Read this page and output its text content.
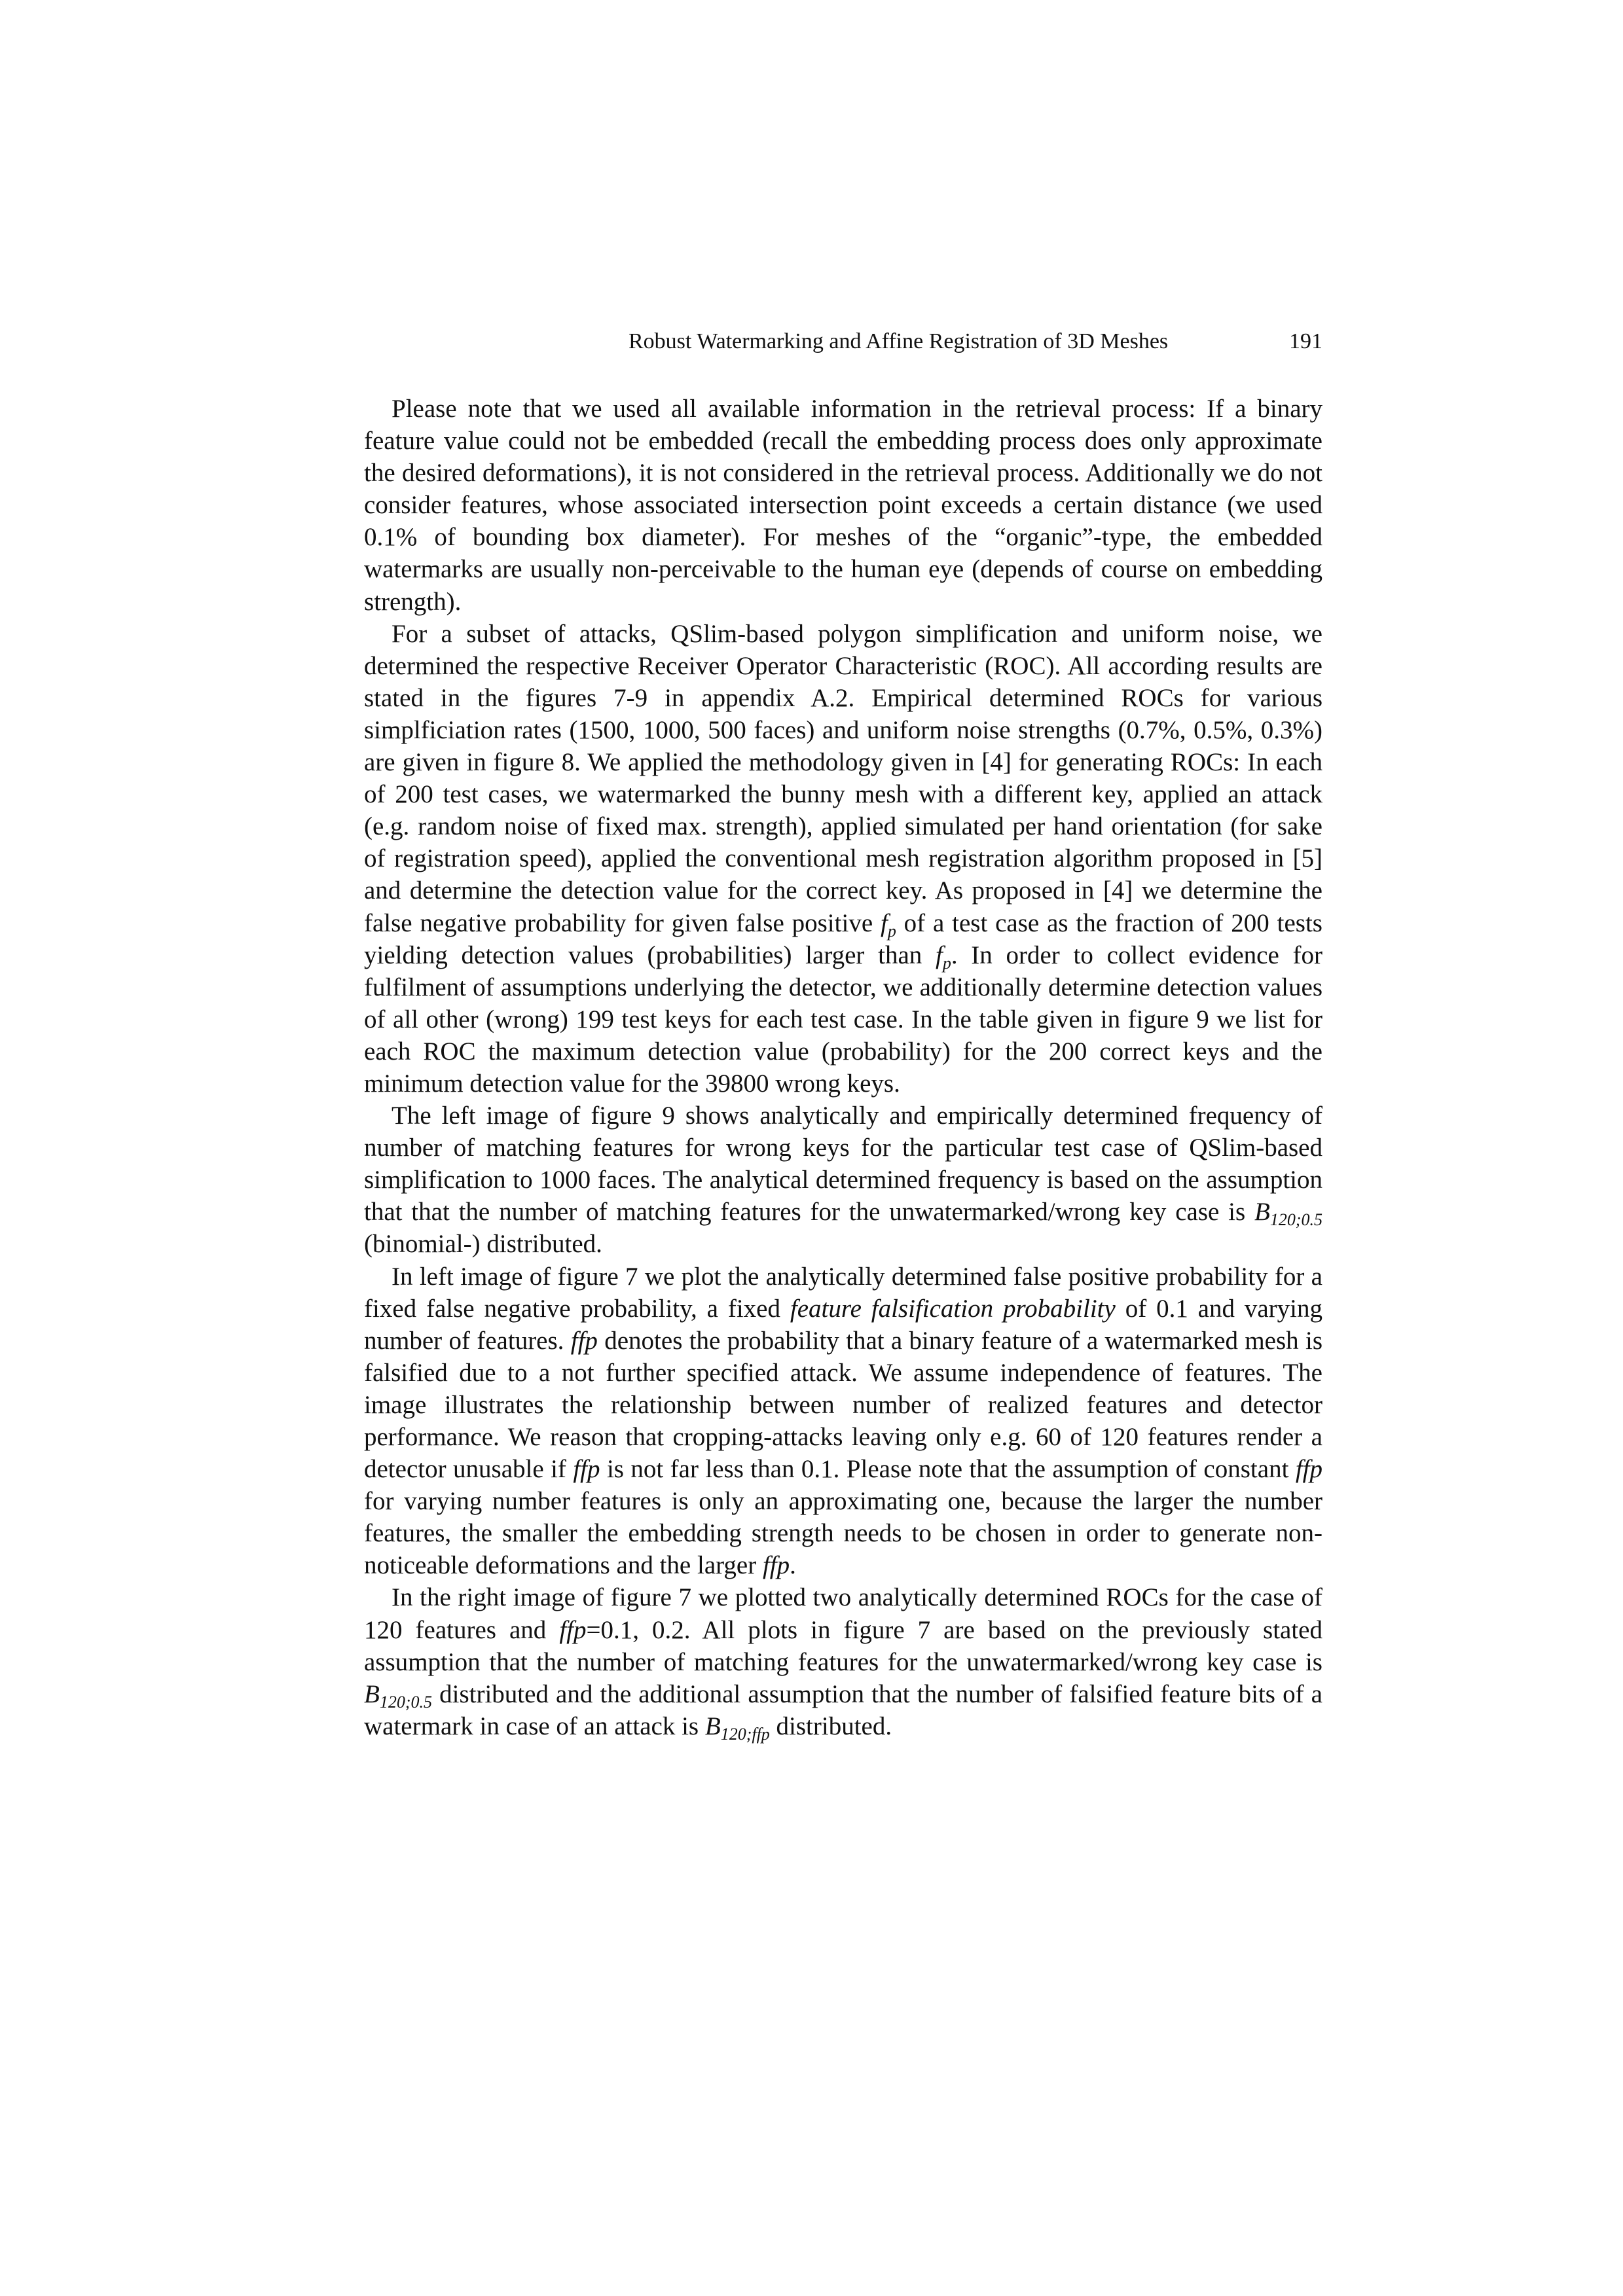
Robust Watermarking and Affine Registration of 3D Meshes	191

Please note that we used all available information in the retrieval process: If a binary feature value could not be embedded (recall the embedding process does only approximate the desired deformations), it is not considered in the retrieval process. Additionally we do not consider features, whose associated intersection point exceeds a certain distance (we used 0.1% of bounding box diameter). For meshes of the “organic”-type, the embedded watermarks are usually non-perceivable to the human eye (depends of course on embedding strength).

For a subset of attacks, QSlim-based polygon simplification and uniform noise, we determined the respective Receiver Operator Characteristic (ROC). All according results are stated in the figures 7-9 in appendix A.2. Empirical determined ROCs for various simplficiation rates (1500, 1000, 500 faces) and uniform noise strengths (0.7%, 0.5%, 0.3%) are given in figure 8. We applied the methodology given in [4] for generating ROCs: In each of 200 test cases, we watermarked the bunny mesh with a different key, applied an attack (e.g. random noise of fixed max. strength), applied simulated per hand orientation (for sake of registration speed), applied the conventional mesh registration algorithm proposed in [5] and determine the detection value for the correct key. As proposed in [4] we determine the false negative probability for given false positive $f_p$ of a test case as the fraction of 200 tests yielding detection values (probabilities) larger than $f_p$. In order to collect evidence for fulfilment of assumptions underlying the detector, we additionally determine detection values of all other (wrong) 199 test keys for each test case. In the table given in figure 9 we list for each ROC the maximum detection value (probability) for the 200 correct keys and the minimum detection value for the 39800 wrong keys.

The left image of figure 9 shows analytically and empirically determined frequency of number of matching features for wrong keys for the particular test case of QSlim-based simplification to 1000 faces. The analytical determined frequency is based on the assumption that that the number of matching features for the unwatermarked/wrong key case is $B_{120;0.5}$ (binomial-) distributed.

In left image of figure 7 we plot the analytically determined false positive probability for a fixed false negative probability, a fixed feature falsification probability of 0.1 and varying number of features. ffp denotes the probability that a binary feature of a watermarked mesh is falsified due to a not further specified attack. We assume independence of features. The image illustrates the relationship between number of realized features and detector performance. We reason that cropping-attacks leaving only e.g. 60 of 120 features render a detector unusable if ffp is not far less than 0.1. Please note that the assumption of constant ffp for varying number features is only an approximating one, because the larger the number features, the smaller the embedding strength needs to be chosen in order to generate non-noticeable deformations and the larger ffp.

In the right image of figure 7 we plotted two analytically determined ROCs for the case of 120 features and ffp=0.1, 0.2. All plots in figure 7 are based on the previously stated assumption that the number of matching features for the unwatermarked/wrong key case is $B_{120;0.5}$ distributed and the additional assumption that the number of falsified feature bits of a watermark in case of an attack is $B_{120;ffp}$ distributed.
